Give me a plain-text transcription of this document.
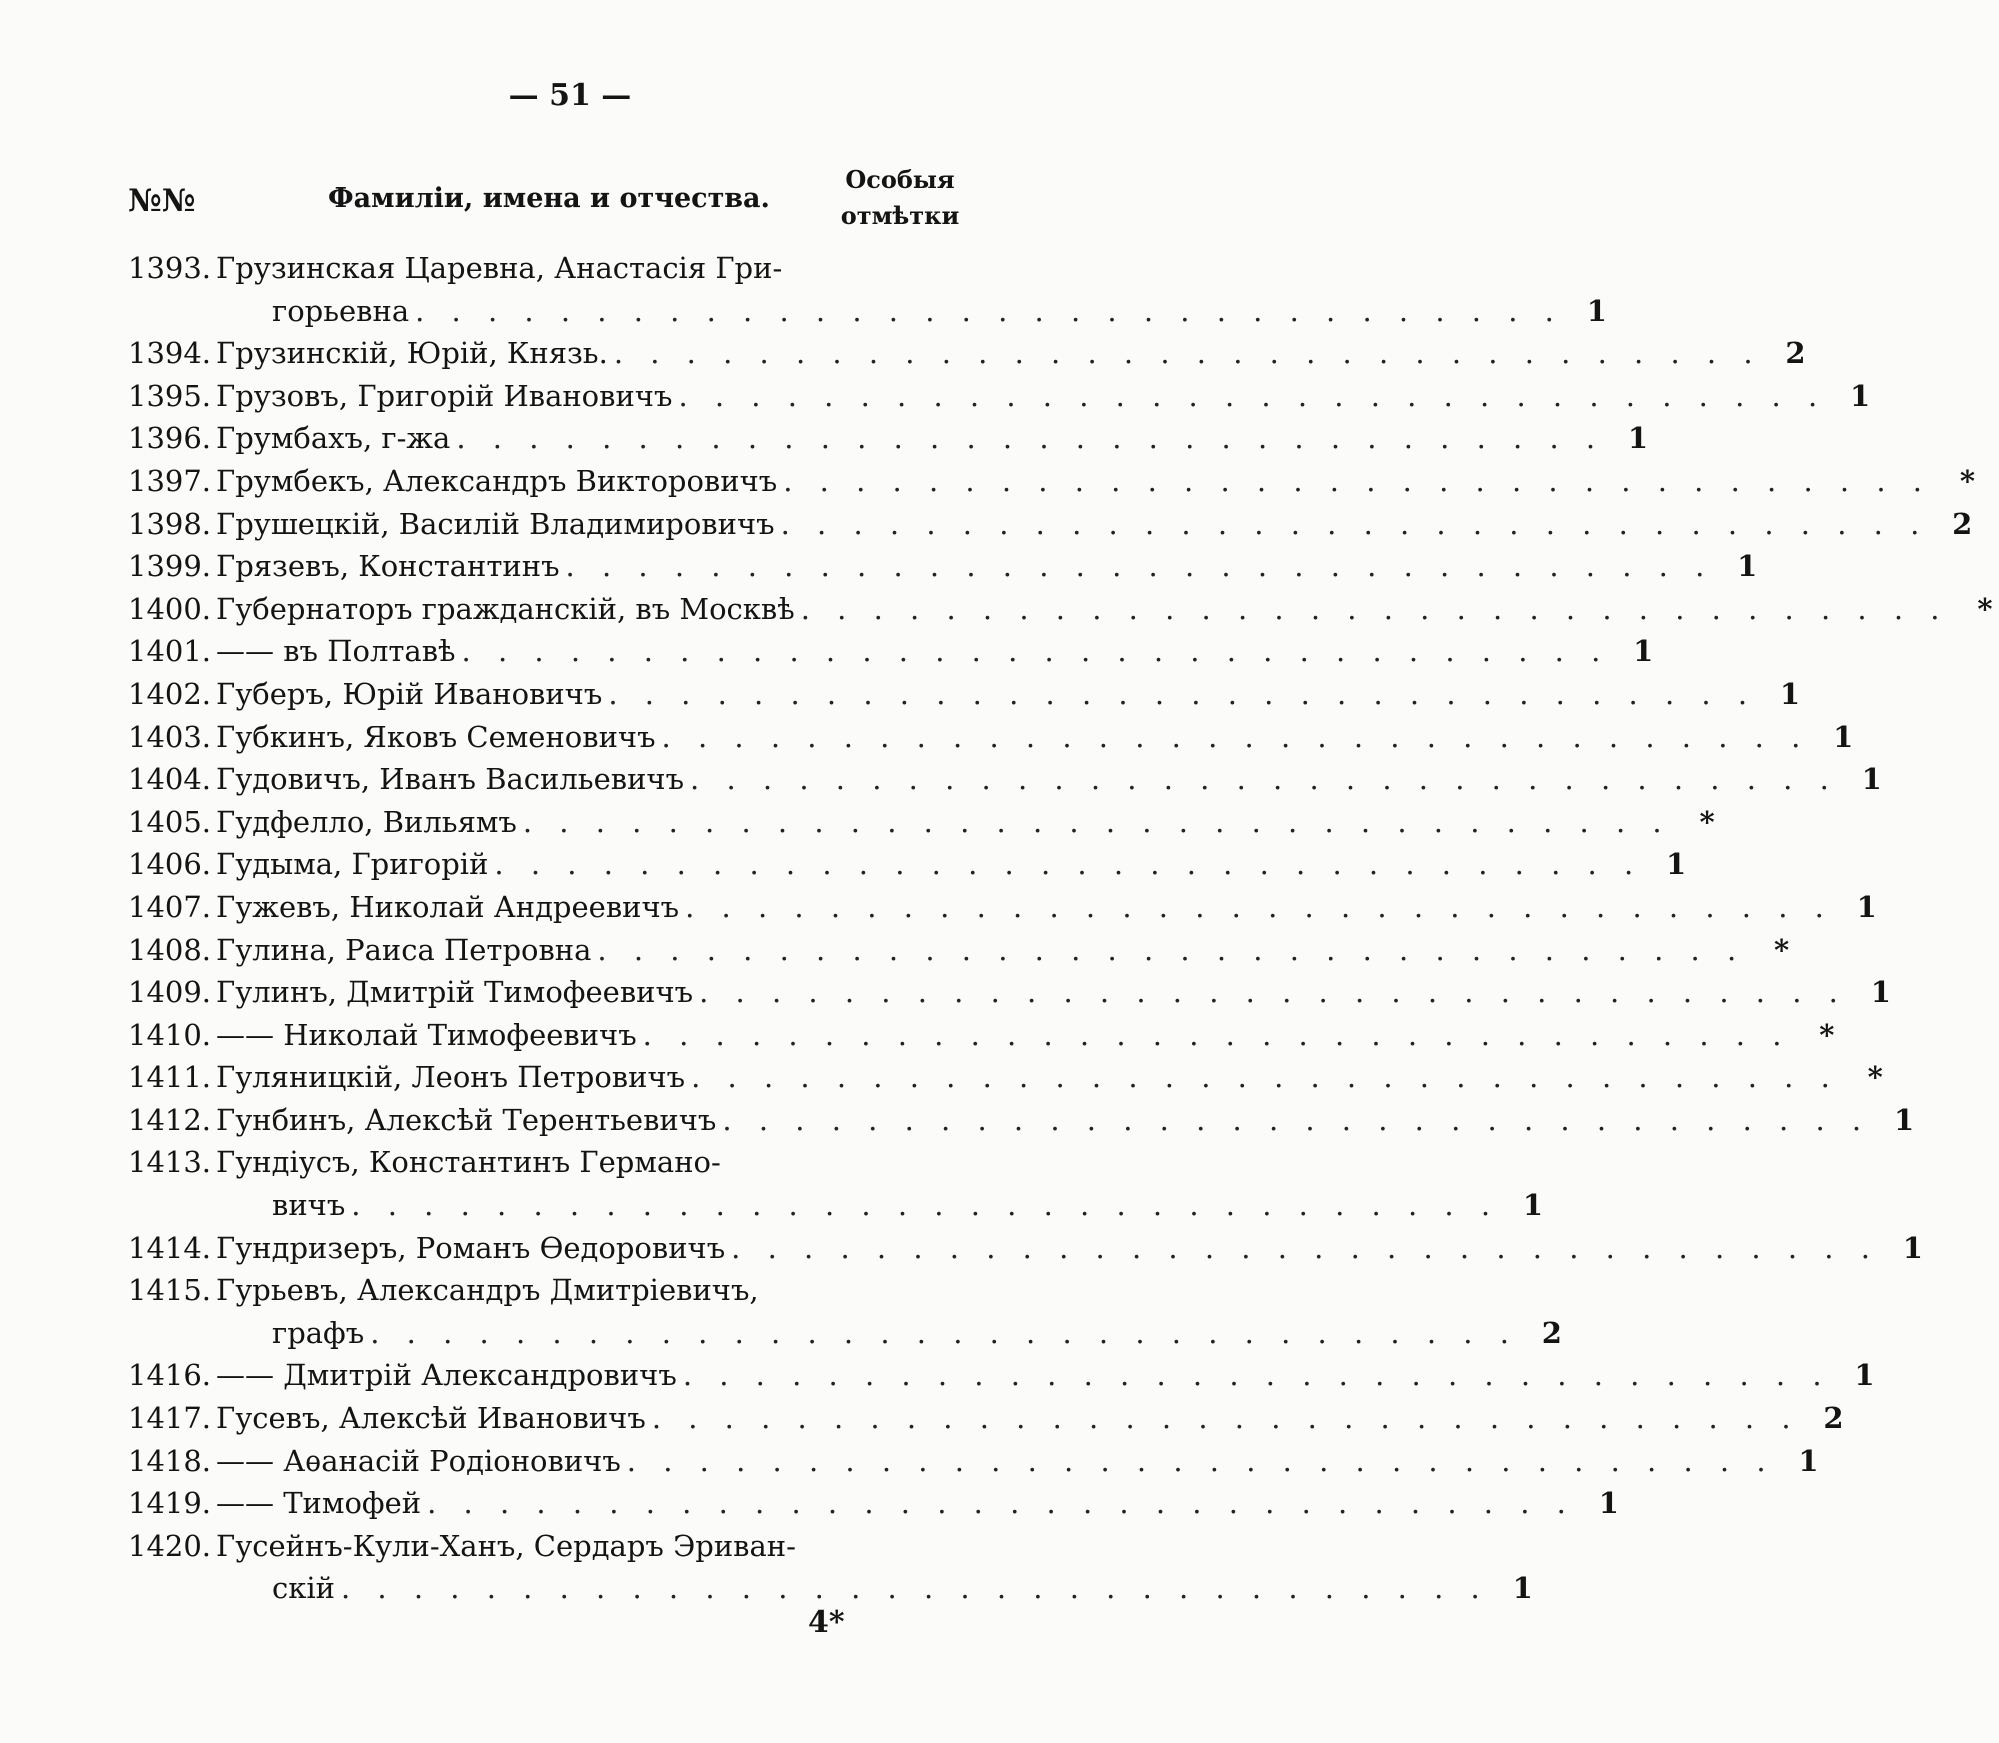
— 51 —
№№	Фамиліи, имена и отчества.
Особыя
отмѣтки
1393. Грузинская Царевна, Анастасія Гри-
горьевна . . . . . . . . . . . . . . . . . . . . . . . . . . . . . . . . 1
1394. Грузинскій, Юрій, Князь. . . . . . . . . . . . . . . . . . . . . . . . . . . . . . . . . 2
1395. Грузовъ, Григорій Ивановичъ . . . . . . . . . . . . . . . . . . . . . . . . . . . . . . . . 1
1396. Грумбахъ, г-жа . . . . . . . . . . . . . . . . . . . . . . . . . . . . . . . . 1
1397. Грумбекъ, Александръ Викторовичъ . . . . . . . . . . . . . . . . . . . . . . . . . . . . . . . . *
1398. Грушецкій, Василій Владимировичъ . . . . . . . . . . . . . . . . . . . . . . . . . . . . . . . . 2
1399. Грязевъ, Константинъ . . . . . . . . . . . . . . . . . . . . . . . . . . . . . . . . 1
1400. Губернаторъ гражданскій, въ Москвѣ . . . . . . . . . . . . . . . . . . . . . . . . . . . . . . . . *
1401. —— въ Полтавѣ . . . . . . . . . . . . . . . . . . . . . . . . . . . . . . . . 1
1402. Губеръ, Юрій Ивановичъ . . . . . . . . . . . . . . . . . . . . . . . . . . . . . . . . 1
1403. Губкинъ, Яковъ Семеновичъ . . . . . . . . . . . . . . . . . . . . . . . . . . . . . . . . 1
1404. Гудовичъ, Иванъ Васильевичъ . . . . . . . . . . . . . . . . . . . . . . . . . . . . . . . . 1
1405. Гудфелло, Вильямъ . . . . . . . . . . . . . . . . . . . . . . . . . . . . . . . . *
1406. Гудыма, Григорій . . . . . . . . . . . . . . . . . . . . . . . . . . . . . . . . 1
1407. Гужевъ, Николай Андреевичъ . . . . . . . . . . . . . . . . . . . . . . . . . . . . . . . . 1
1408. Гулина, Раиса Петровна . . . . . . . . . . . . . . . . . . . . . . . . . . . . . . . . *
1409. Гулинъ, Дмитрій Тимофеевичъ . . . . . . . . . . . . . . . . . . . . . . . . . . . . . . . . 1
1410. —— Николай Тимофеевичъ . . . . . . . . . . . . . . . . . . . . . . . . . . . . . . . . *
1411. Гуляницкій, Леонъ Петровичъ . . . . . . . . . . . . . . . . . . . . . . . . . . . . . . . . *
1412. Гунбинъ, Алексѣй Терентьевичъ . . . . . . . . . . . . . . . . . . . . . . . . . . . . . . . . 1
1413. Гундіусъ, Константинъ Германо-
вичъ . . . . . . . . . . . . . . . . . . . . . . . . . . . . . . . . 1
1414. Гундризеръ, Романъ Ѳедоровичъ . . . . . . . . . . . . . . . . . . . . . . . . . . . . . . . . 1
1415. Гурьевъ, Александръ Дмитріевичъ,
графъ . . . . . . . . . . . . . . . . . . . . . . . . . . . . . . . . 2
1416. —— Дмитрій Александровичъ . . . . . . . . . . . . . . . . . . . . . . . . . . . . . . . . 1
1417. Гусевъ, Алексѣй Ивановичъ . . . . . . . . . . . . . . . . . . . . . . . . . . . . . . . . 2
1418. —— Аѳанасій Родіоновичъ . . . . . . . . . . . . . . . . . . . . . . . . . . . . . . . . 1
1419. —— Тимофей . . . . . . . . . . . . . . . . . . . . . . . . . . . . . . . . 1
1420. Гусейнъ-Кули-Ханъ, Сердаръ Эриван-
скій . . . . . . . . . . . . . . . . . . . . . . . . . . . . . . . . 1
4*
